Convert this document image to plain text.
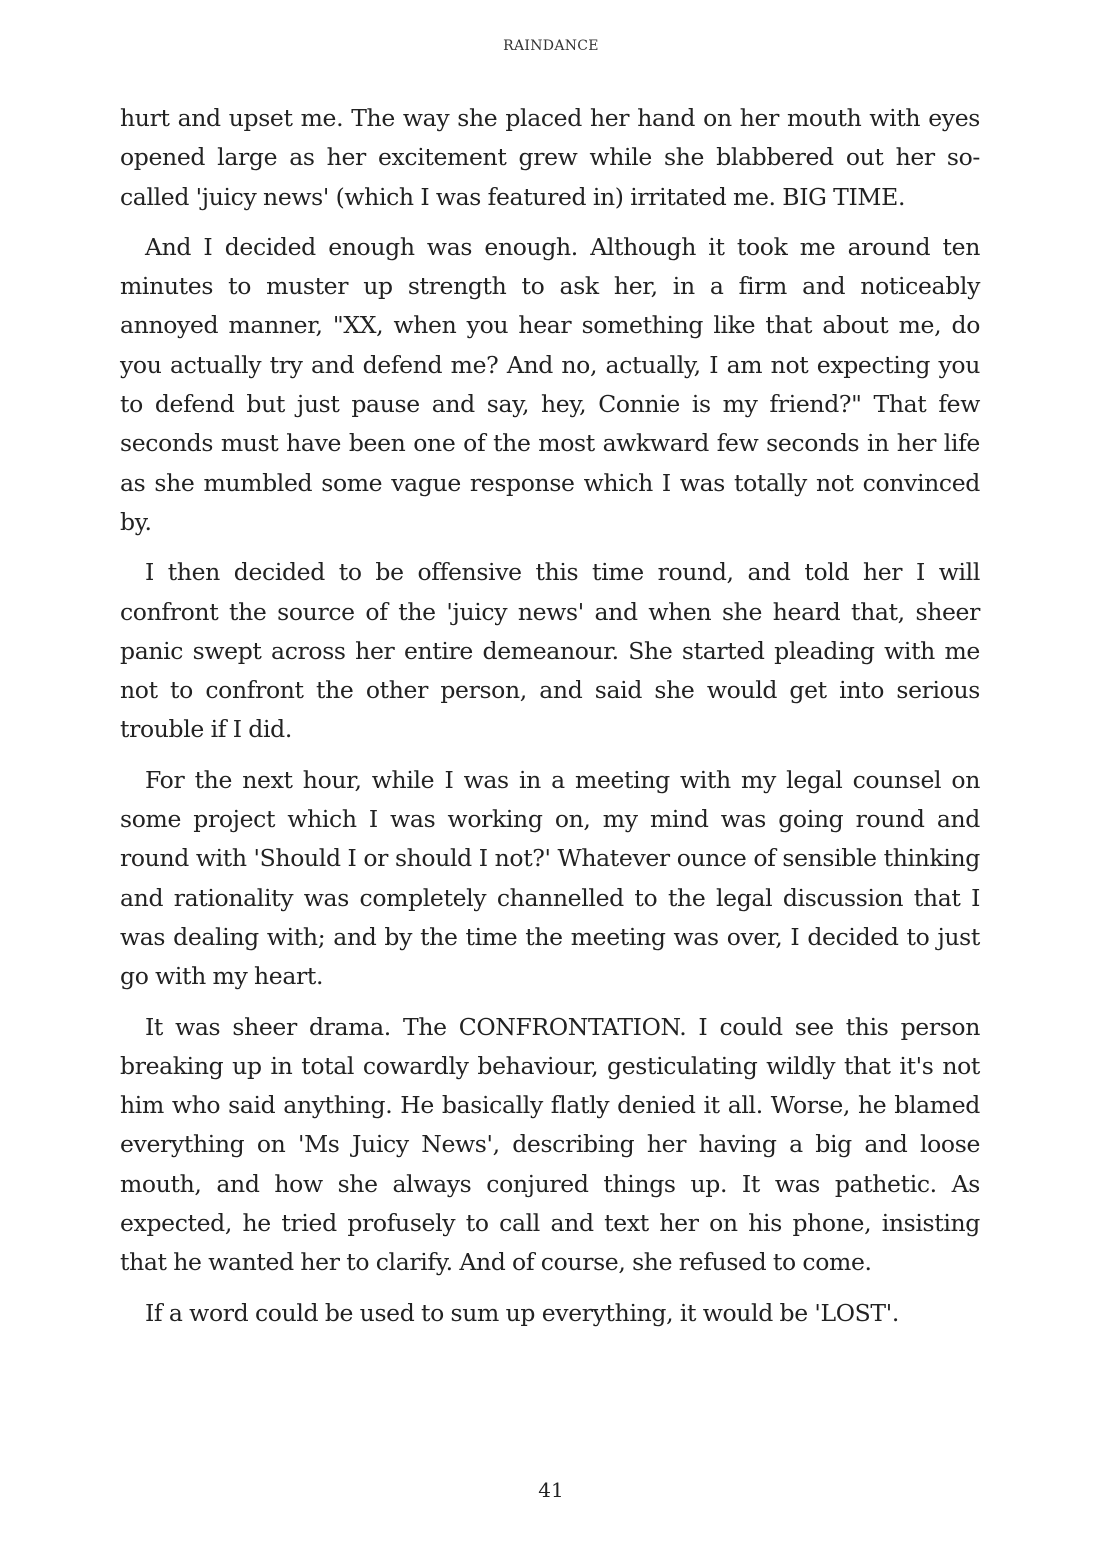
RAINDANCE

hurt and upset me. The way she placed her hand on her mouth with eyes opened large as her excitement grew while she blabbered out her so-called 'juicy news' (which I was featured in) irritated me. BIG TIME.

And I decided enough was enough. Although it took me around ten minutes to muster up strength to ask her, in a firm and noticeably annoyed manner, "XX, when you hear something like that about me, do you actually try and defend me? And no, actually, I am not expecting you to defend but just pause and say, hey, Connie is my friend?" That few seconds must have been one of the most awkward few seconds in her life as she mumbled some vague response which I was totally not convinced by.

I then decided to be offensive this time round, and told her I will confront the source of the 'juicy news' and when she heard that, sheer panic swept across her entire demeanour. She started pleading with me not to confront the other person, and said she would get into serious trouble if I did.

For the next hour, while I was in a meeting with my legal counsel on some project which I was working on, my mind was going round and round with 'Should I or should I not?' Whatever ounce of sensible thinking and rationality was completely channelled to the legal discussion that I was dealing with; and by the time the meeting was over, I decided to just go with my heart.

It was sheer drama. The CONFRONTATION. I could see this person breaking up in total cowardly behaviour, gesticulating wildly that it's not him who said anything. He basically flatly denied it all. Worse, he blamed everything on 'Ms Juicy News', describing her having a big and loose mouth, and how she always conjured things up. It was pathetic. As expected, he tried profusely to call and text her on his phone, insisting that he wanted her to clarify. And of course, she refused to come.

If a word could be used to sum up everything, it would be 'LOST'.

41
